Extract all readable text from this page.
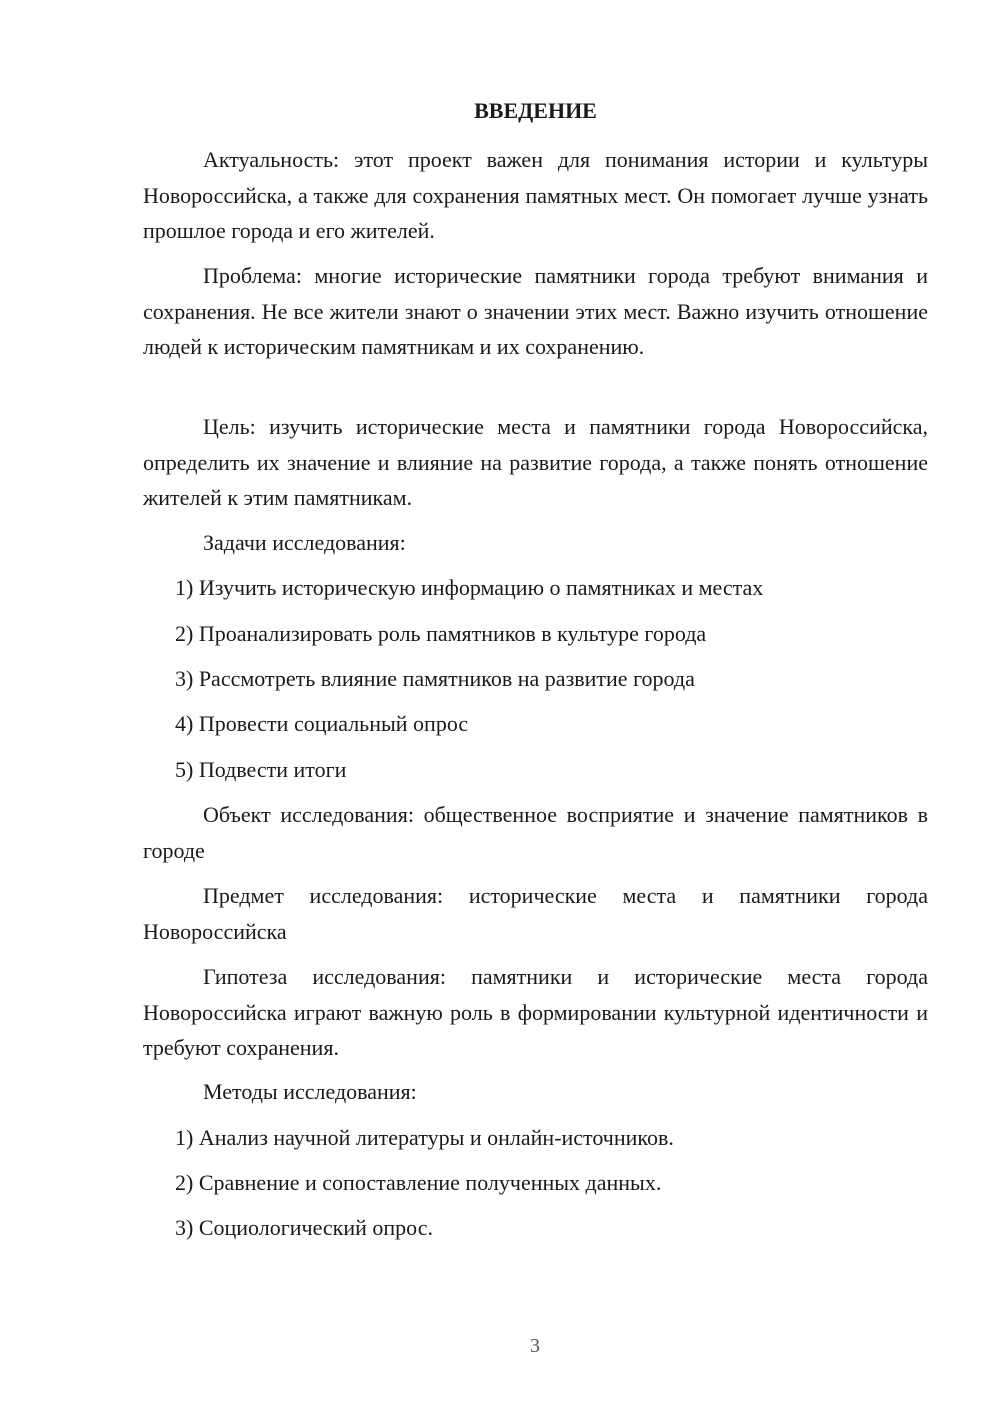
ВВЕДЕНИЕ

Актуальность: этот проект важен для понимания истории и культуры Новороссийска, а также для сохранения памятных мест. Он помогает лучше узнать прошлое города и его жителей.

Проблема: многие исторические памятники города требуют внимания и сохранения. Не все жители знают о значении этих мест. Важно изучить отношение людей к историческим памятникам и их сохранению.

Цель: изучить исторические места и памятники города Новороссийска, определить их значение и влияние на развитие города, а также понять отношение жителей к этим памятникам.

Задачи исследования:

1) Изучить историческую информацию о памятниках и местах

2) Проанализировать роль памятников в культуре города

3) Рассмотреть влияние памятников на развитие города

4) Провести социальный опрос

5) Подвести итоги

Объект исследования: общественное восприятие и значение памятников в городе

Предмет исследования: исторические места и памятники города Новороссийска

Гипотеза исследования: памятники и исторические места города Новороссийска играют важную роль в формировании культурной идентичности и требуют сохранения.

Методы исследования:

1) Анализ научной литературы и онлайн-источников.

2) Сравнение и сопоставление полученных данных.

3) Социологический опрос.

3
